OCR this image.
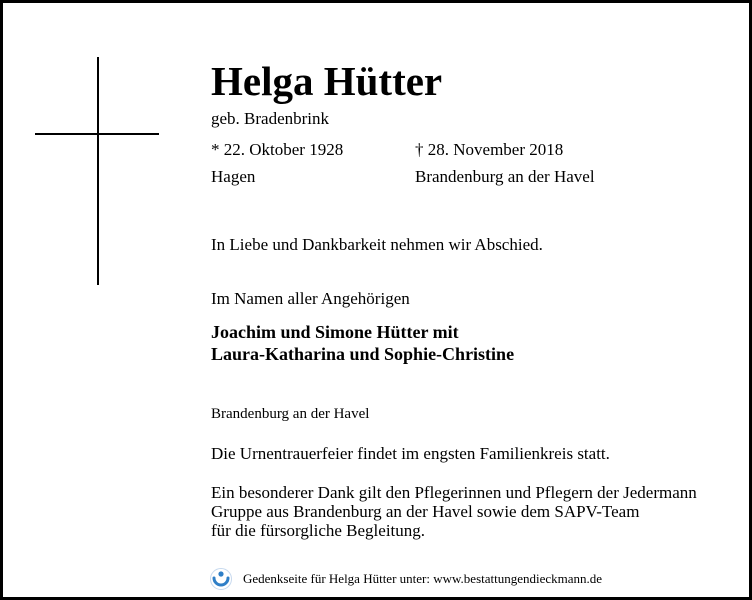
Helga Hütter
geb. Bradenbrink
* 22. Oktober 1928
Hagen
† 28. November 2018
Brandenburg an der Havel
In Liebe und Dankbarkeit nehmen wir Abschied.
Im Namen aller Angehörigen
Joachim und Simone Hütter mit
Laura-Katharina und Sophie-Christine
Brandenburg an der Havel
Die Urnentrauerfeier findet im engsten Familienkreis statt.
Ein besonderer Dank gilt den Pflegerinnen und Pflegern der Jedermann
Gruppe aus Brandenburg an der Havel sowie dem SAPV-Team
für die fürsorgliche Begleitung.
Gedenkseite für Helga Hütter unter: www.bestattungendieckmann.de
